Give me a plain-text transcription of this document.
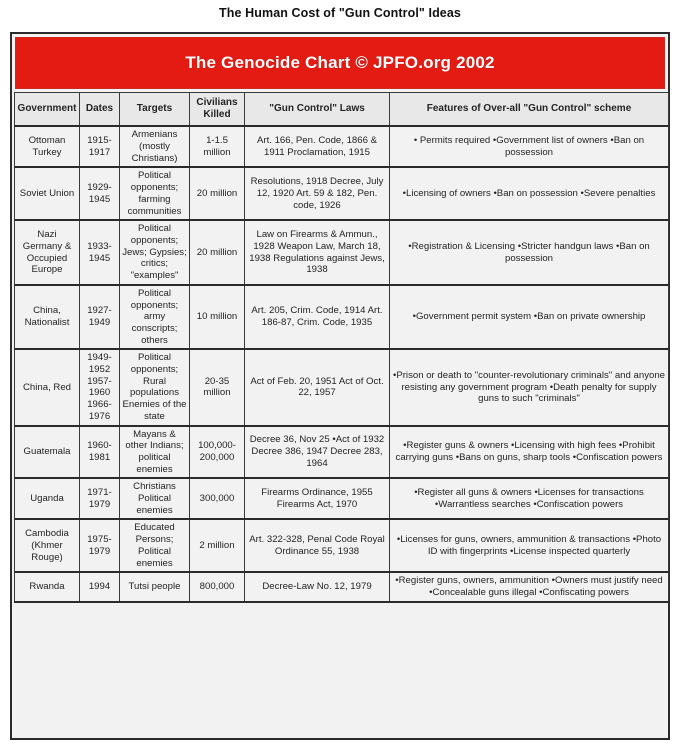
The Human Cost of "Gun Control" Ideas
The Genocide Chart © JPFO.org 2002
Government	Dates	Targets	Civilians Killed	"Gun Control" Laws	Features of Over-all "Gun Control" scheme
Ottoman Turkey	1915-1917	Armenians (mostly Christians)	1-1.5 million	Art. 166, Pen. Code, 1866 & 1911 Proclamation, 1915	• Permits required •Government list of owners •Ban on possession
Soviet Union	1929-1945	Political opponents; farming communities	20 million	Resolutions, 1918 Decree, July 12, 1920 Art. 59 & 182, Pen. code, 1926	•Licensing of owners •Ban on possession •Severe penalties
Nazi Germany & Occupied Europe	1933-1945	Political opponents; Jews; Gypsies; critics; "examples"	20 million	Law on Firearms & Ammun., 1928 Weapon Law, March 18, 1938 Regulations against Jews, 1938	•Registration & Licensing •Stricter handgun laws •Ban on possession
China, Nationalist	1927-1949	Political opponents; army conscripts; others	10 million	Art. 205, Crim. Code, 1914 Art. 186-87, Crim. Code, 1935	•Government permit system •Ban on private ownership
China, Red	1949-1952 1957-1960 1966-1976	Political opponents; Rural populations Enemies of the state	20-35 million	Act of Feb. 20, 1951 Act of Oct. 22, 1957	•Prison or death to "counter-revolutionary criminals" and anyone resisting any government program •Death penalty for supply guns to such "criminals"
Guatemala	1960-1981	Mayans & other Indians; political enemies	100,000-200,000	Decree 36, Nov 25 •Act of 1932 Decree 386, 1947 Decree 283, 1964	•Register guns & owners •Licensing with high fees •Prohibit carrying guns •Bans on guns, sharp tools •Confiscation powers
Uganda	1971-1979	Christians Political enemies	300,000	Firearms Ordinance, 1955 Firearms Act, 1970	•Register all guns & owners •Licenses for transactions •Warrantless searches •Confiscation powers
Cambodia (Khmer Rouge)	1975-1979	Educated Persons; Political enemies	2 million	Art. 322-328, Penal Code Royal Ordinance 55, 1938	•Licenses for guns, owners, ammunition & transactions •Photo ID with fingerprints •License inspected quarterly
Rwanda	1994	Tutsi people	800,000	Decree-Law No. 12, 1979	•Register guns, owners, ammunition •Owners must justify need •Concealable guns illegal •Confiscating powers
